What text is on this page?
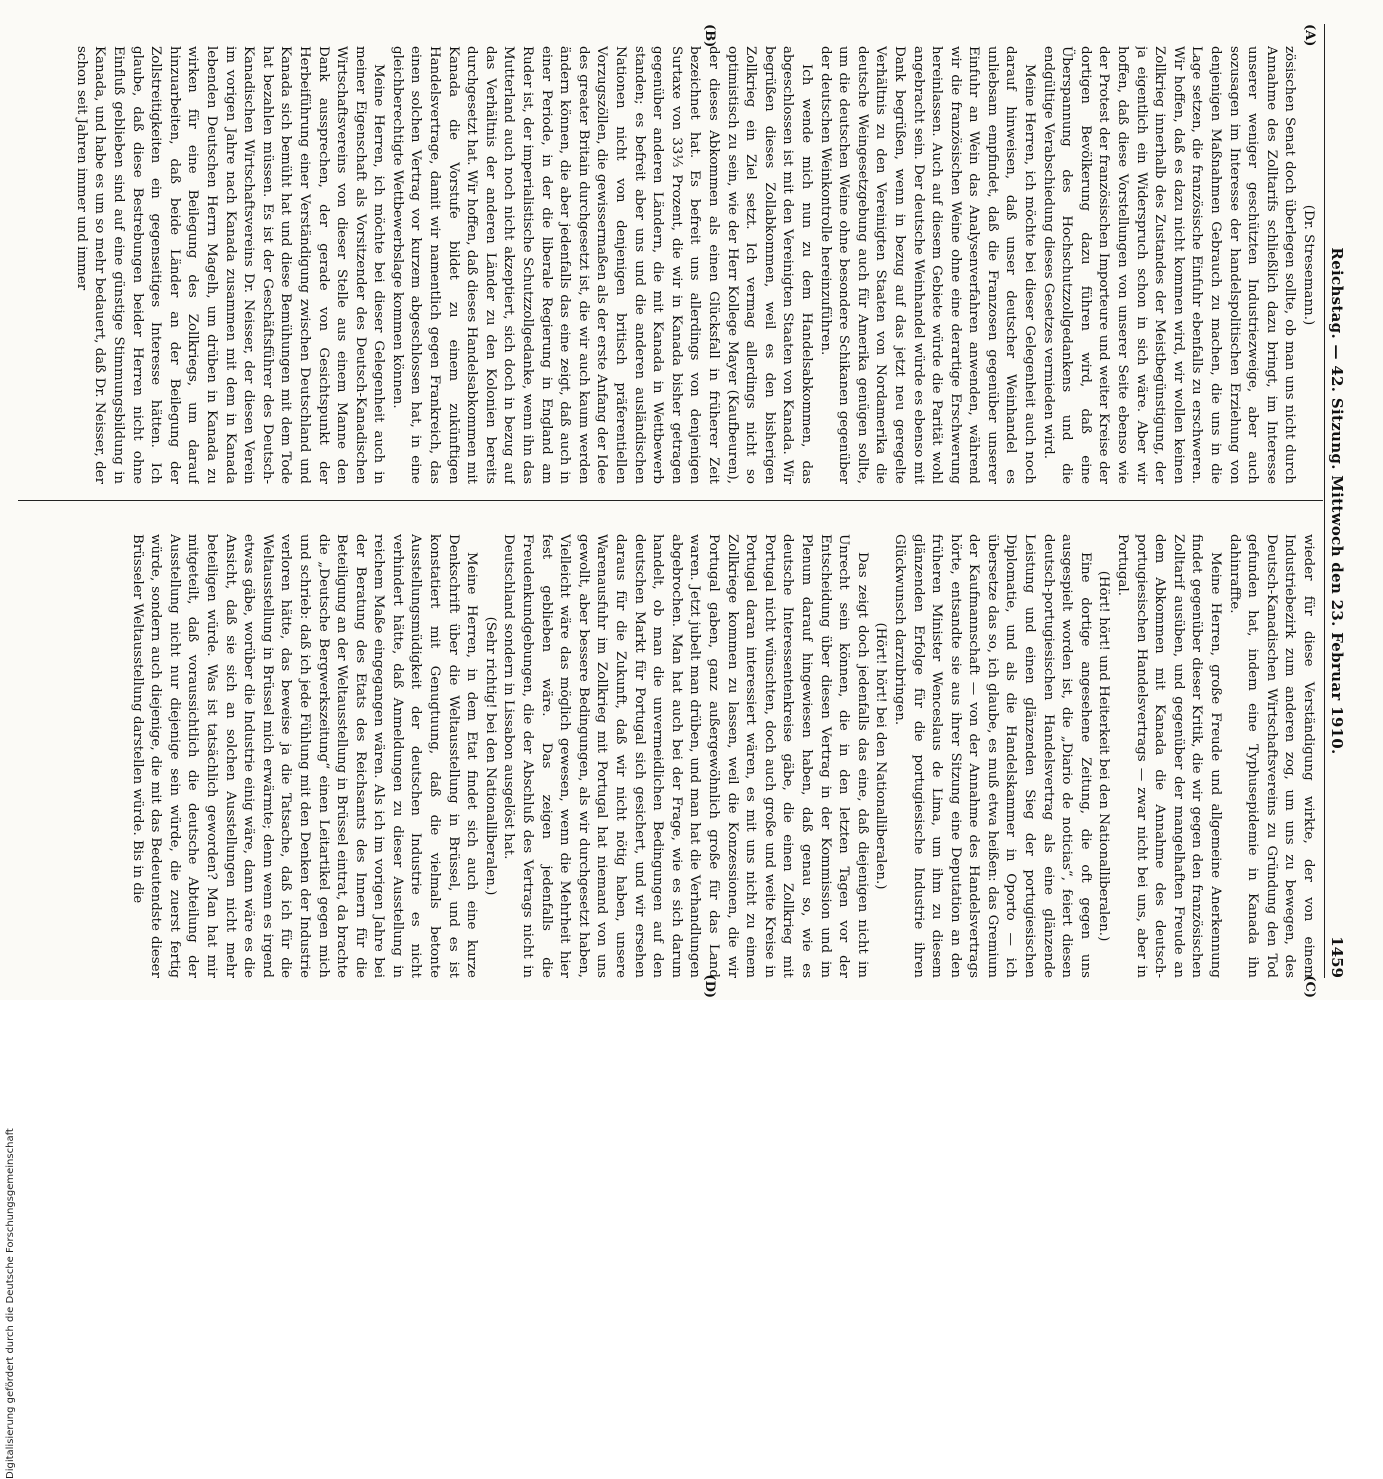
Digitalisierung gefördert durch die Deutsche Forschungsgemeinschaft
Reichstag. — 42. Sitzung. Mittwoch den 23. Februar 1910.
1459
(A)
(B)
(C)
(D)

(Dr. Stresemann.)

zösischen Senat doch überlegen sollte, ob man uns nicht durch Annahme des Zolltarifs schließlich dazu bringt, im Interesse unserer weniger geschützten Industriezweige, aber auch sozusagen im Interesse der handelspolitischen Erziehung von denjenigen Maßnahmen Gebrauch zu machen, die uns in die Lage setzen, die französische Einfuhr ebenfalls zu erschweren. Wir hoffen, daß es dazu nicht kommen wird, wir wollen keinen Zollkrieg innerhalb des Zustandes der Meistbegünstigung, der ja eigentlich ein Widerspruch schon in sich wäre. Aber wir hoffen, daß diese Vorstellungen von unserer Seite ebenso wie der Protest der französischen Importeure und weiter Kreise der dortigen Bevölkerung dazu führen wird, daß eine Überspannung des Hochschutzzollgedankens und die endgültige Verabschiedung dieses Gesetzes vermieden wird.

Meine Herren, ich möchte bei dieser Gelegenheit auch noch darauf hinweisen, daß unser deutscher Weinhandel es unliebsam empfindet, daß die Franzosen gegenüber unserer Einfuhr an Wein das Analysenverfahren anwenden, während wir die französischen Weine ohne eine derartige Erschwerung hereinlassen. Auch auf diesem Gebiete würde die Parität wohl angebracht sein. Der deutsche Weinhandel würde es ebenso mit Dank begrüßen, wenn in bezug auf das jetzt neu geregelte Verhältnis zu den Vereinigten Staaten von Nordamerika die deutsche Weingesetzgebung auch für Amerika genügen sollte, um die deutschen Weine ohne besondere Schikanen gegenüber der deutschen Weinkontrolle hereinzuführen.

Ich wende mich nun zu dem Handelsabkommen, das abgeschlossen ist mit den Vereinigten Staaten von Kanada. Wir begrüßen dieses Zollabkommen, weil es den bisherigen Zollkrieg ein Ziel setzt. Ich vermag allerdings nicht so optimistisch zu sein, wie der Herr Kollege Mayer (Kaufbeuren), der dieses Abkommen als einen Glücksfall in früherer Zeit bezeichnet hat. Es befreit uns allerdings von denjenigen Surtaxe von 33⅓ Prozent, die wir in Kanada bisher getragen gegenüber anderen Ländern, die mit Kanada in Wettbewerb standen; es befreit aber uns und die anderen ausländischen Nationen nicht von denjenigen britisch präferentiellen Vorzugszöllen, die gewissermaßen als der erste Anfang der Idee des greater Britain durchgesetzt ist, die wir auch kaum werden ändern können, die aber jedenfalls das eine zeigt, daß auch in einer Periode, in der die liberale Regierung in England am Ruder ist, der imperialistische Schutzzollgedanke, wenn ihn das Mutterland auch noch nicht akzeptiert, sich doch in bezug auf das Verhältnis der anderen Länder zu den Kolonien bereits durchgesetzt hat. Wir hoffen, daß dieses Handelsabkommen mit Kanada die Vorstufe bildet zu einem zukünftigen Handelsvertrage, damit wir namentlich gegen Frankreich, das einen solchen Vertrag vor kurzem abgeschlossen hat, in eine gleichberechtigte Wettbewerbslage kommen können.

Meine Herren, ich möchte bei dieser Gelegenheit auch in meiner Eigenschaft als Vorsitzender des Deutsch-Kanadischen Wirtschaftsvereins von dieser Stelle aus einem Manne den Dank aussprechen, der gerade von Gesichtspunkt der Herbeiführung einer Verständigung zwischen Deutschland und Kanada sich bemüht hat und diese Bemühungen mit dem Tode hat bezahlen müssen. Es ist der Geschäftsführer des Deutsch-Kanadischen Wirtschaftsvereins Dr. Neisser, der diesen Verein im vorigen Jahre nach Kanada zusammen mit dem in Kanada lebenden Deutschen Herrn Magelh, um drüben in Kanada zu wirken für eine Beilegung des Zollkriegs, um darauf hinzuarbeiten, daß beide Länder an der Beilegung der Zollstreitigkeiten ein gegenseitiges Interesse hätten. Ich glaube, daß diese Bestrebungen beider Herren nicht ohne Einfluß geblieben sind auf eine günstige Stimmungsbildung in Kanada, und habe es um so mehr bedauert, daß Dr. Neisser, der schon seit Jahren immer und immer

wieder für diese Verständigung wirkte, der von einem Industriebezirk zum anderen zog, um uns zu bewegen, des Deutsch-Kanadischen Wirtschaftsvereins zu Gründung den Tod gefunden hat, indem eine Typhusepidemie in Kanada ihn dahinraffte.

Meine Herren, große Freude und allgemeine Anerkennung findet gegenüber dieser Kritik, die wir gegen den französischen Zolltarif ausüben, und gegenüber der mangelhaften Freude an dem Abkommen mit Kanada die Annahme des deutsch-portugiesischen Handelsvertrags — zwar nicht bei uns, aber in Portugal.

(Hört! hört! und Heiterkeit bei den Nationalliberalen.)

Eine dortige angesehene Zeitung, die oft gegen uns ausgespielt worden ist, die „Diario de noticias“, feiert diesen deutsch-portugiesischen Handelsvertrag als eine glänzende Leistung und einen glänzenden Sieg der portugiesischen Diplomatie, und als die Handelskammer in Oporto — ich übersetze das so, ich glaube, es muß etwa heißen: das Gremium der Kaufmannschaft — von der Annahme des Handelsvertrags hörte, entsandte sie aus ihrer Sitzung eine Deputation an den früheren Minister Wenceslaus de Lima, um ihm zu diesem glänzenden Erfolge für die portugiesische Industrie ihren Glückwunsch darzubringen.

(Hört! hört! bei den Nationalliberalen.)

Das zeigt doch jedenfalls das eine, daß diejenigen nicht im Unrecht sein können, die in den letzten Tagen vor der Entscheidung über diesen Vertrag in der Kommission und im Plenum darauf hingewiesen haben, daß genau so, wie es deutsche Interessentenkreise gäbe, die einen Zollkrieg mit Portugal nicht wünschten, doch auch große und weite Kreise in Portugal daran interessiert wären, es mit uns nicht zu einem Zollkriege kommen zu lassen, weil die Konzessionen, die wir Portugal gaben, ganz außergewöhnlich große für das Land waren. Jetzt jubelt man drüben, und man hat die Verhandlungen abgebrochen. Man hat auch bei der Frage, wie es sich darum handelt, ob man die unvermeidlichen Bedingungen auf den deutschen Markt für Portugal sich gesichert, und wir ersehen daraus für die Zukunft, daß wir nicht nötig haben, unsere Warenausfuhr im Zollkrieg mit Portugal hat niemand von uns gewollt, aber bessere Bedingungen, als wir durchgesetzt haben, Vielleicht wäre das möglich gewesen, wenn die Mehrheit hier fest geblieben wäre. Das zeigen jedenfalls die Freudenkundgebungen, die der Abschluß des Vertrags nicht in Deutschland sondern in Lissabon ausgelöst hat.

(Sehr richtig! bei den Nationalliberalen.)

Meine Herren, in dem Etat findet sich auch eine kurze Denkschrift über die Weltausstellung in Brüssel, und es ist konstatiert mit Genugtuung, daß die vielmals betonte Ausstellungsmüdigkeit der deutschen Industrie es nicht verhindert hätte, daß Anmeldungen zu dieser Ausstellung in reichem Maße eingegangen wären. Als ich im vorigen Jahre bei der Beratung des Etats des Reichsamts des Innern für die Beteiligung an der Weltausstellung in Brüssel eintrat, da brachte die „Deutsche Bergwerkszeitung“ einen Leitartikel gegen mich und schrieb: daß ich jede Fühlung mit den Denken der Industrie verloren hätte, das beweise ja die Tatsache, daß ich für die Weltausstellung in Brüssel mich erwärmte; denn wenn es irgend etwas gäbe, worüber die Industrie einig wäre, dann wäre es die Ansicht, daß sie sich an solchen Ausstellungen nicht mehr beteiligen würde. Was ist tatsächlich geworden? Man hat mir mitgeteilt, daß voraussichtlich die deutsche Abteilung der Ausstellung nicht nur diejenige sein würde, die zuerst fertig würde, sondern auch diejenige, die mit das Bedeutendste dieser Brüsseler Weltausstellung darstellen würde. Bis in die
